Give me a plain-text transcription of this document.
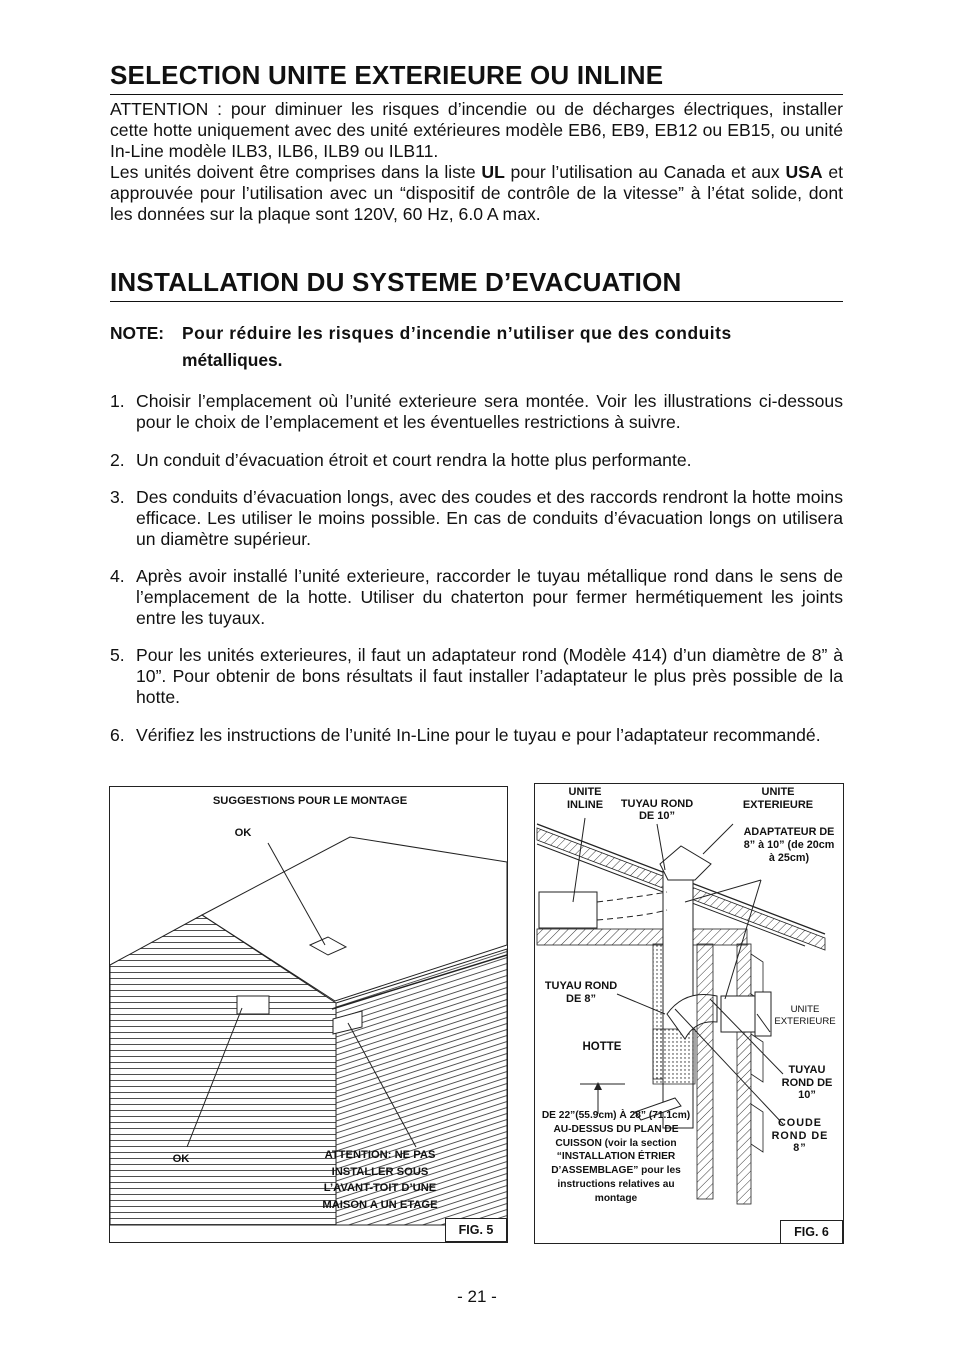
SELECTION UNITE EXTERIEURE OU INLINE
ATTENTION : pour diminuer les risques d’incendie ou de décharges électriques, installer cette hotte uniquement avec des unité extérieures modèle EB6, EB9, EB12 ou EB15, ou unité In-Line modèle ILB3, ILB6, ILB9 ou ILB11.
Les unités doivent être comprises dans la liste UL pour l’utilisation au Canada et aux USA et approuvée pour l’utilisation avec un “dispositif de contrôle de la vitesse” à l’état solide, dont les données sur la plaque sont 120V, 60 Hz, 6.0 A max.
INSTALLATION DU SYSTEME D’EVACUATION
NOTE: Pour réduire les risques d’incendie n’utiliser que des conduits
métalliques.
1. Choisir l’emplacement où l’unité exterieure sera montée. Voir les illustrations ci-dessous pour le choix de l’emplacement et les éventuelles restrictions à suivre.
2. Un conduit d’évacuation étroit et court rendra la hotte plus performante.
3. Des conduits d’évacuation longs, avec des coudes et des raccords rendront la hotte moins efficace. Les utiliser le moins possible. En cas de conduits d’évacuation longs on utilisera un diamètre supérieur.
4. Après avoir installé l’unité exterieure, raccorder le tuyau métallique rond dans le sens de l’emplacement de la hotte. Utiliser du chaterton pour fermer hermétiquement les joints entre les tuyaux.
5. Pour les unités exterieures, il faut un adaptateur rond (Modèle 414) d’un diamètre de 8” à 10”. Pour obtenir de bons résultats il faut installer l’adaptateur le plus près possible de la hotte.
6. Vérifiez les instructions de l’unité In-Line pour le tuyau e pour l’adaptateur recommandé.
SUGGESTIONS POUR LE MONTAGE
OK
OK	ATTENTION: NE PAS INSTALLER SOUS L’AVANT-TOIT D’UNE MAISON A UN ETAGE
FIG. 5
UNITE INLINE	TUYAU ROND DE 10”
UNITE EXTERIEURE
ADAPTATEUR DE 8” à 10” (de 20cm à 25cm)
TUYAU ROND DE 8”
UNITE EXTERIEURE
HOTTE
TUYAU ROND DE 10”
COUDE ROND DE 8”
DE 22”(55.9cm) À 28” (71.1cm) AU-DESSUS DU PLAN DE CUISSON (voir la section “INSTALLATION ÉTRIER D’ASSEMBLAGE” pour les instructions relatives au montage
FIG. 6
- 21 -
